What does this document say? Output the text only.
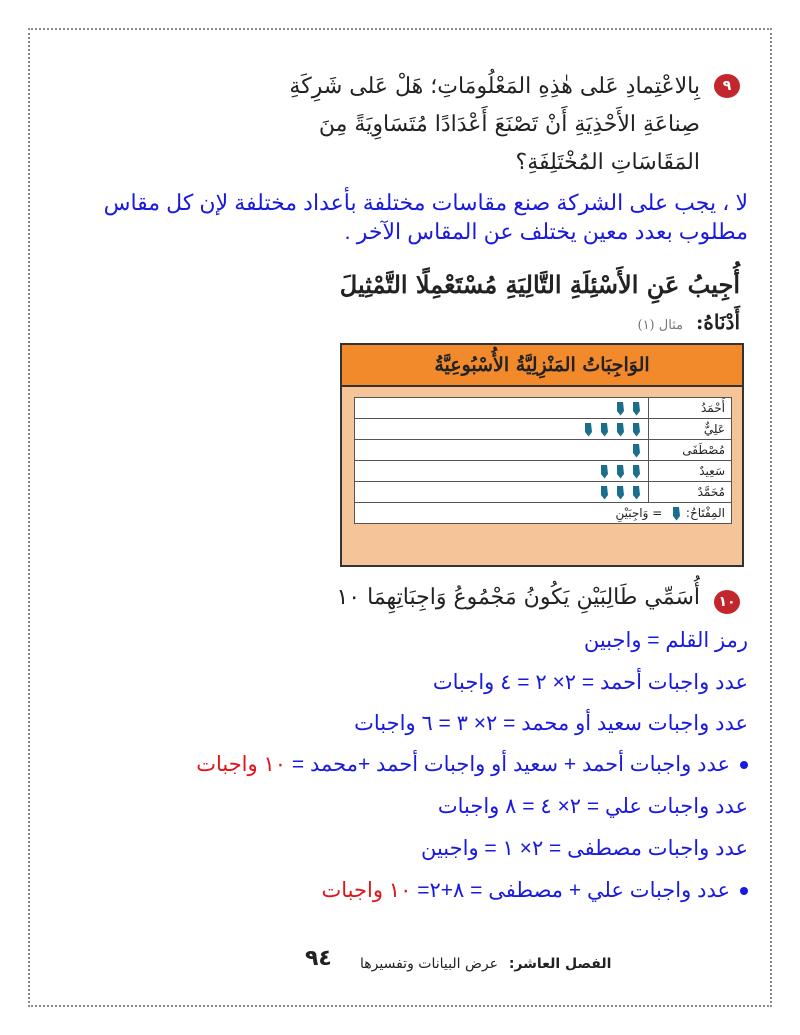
٩
بِالاعْتِمادِ عَلى هٰذِهِ المَعْلُومَاتِ؛ هَلْ عَلى شَرِكَةِ
صِناعَةِ الأَحْذِيَةِ أَنْ تَصْنَعَ أَعْدَادًا مُتَسَاوِيَةً مِنَ
المَقَاسَاتِ المُخْتَلِفَةِ؟
لا ، يجب على الشركة صنع مقاسات مختلفة بأعداد مختلفة لإن كل مقاس مطلوب بعدد معين يختلف عن المقاس الآخر .
أُجِيبُ عَنِ الأَسْئِلَةِ التَّالِيَةِ مُسْتَعْمِلًا التَّمْثِيلَ
أَدْنَاهُ: مثال (١)
الوَاجِبَاتُ المَنْزِلِيَّةُ الأُسْبُوعِيَّةُ
أَحْمَدُ	
عَلِيٌّ	
مُصْطَفَى	
سَعِيدٌ	
مُحَمَّدٌ	
المِفْتَاحُ:  = وَاجِبَيْنِ	
١٠
أُسَمِّي طَالِبَيْنِ يَكُونُ مَجْمُوعُ وَاجِبَاتِهِمَا ١٠
رمز القلم = واجبين
عدد واجبات أحمد = ٢× ٢ = ٤ واجبات
عدد واجبات سعيد أو محمد = ٢× ٣ = ٦ واجبات
عدد واجبات أحمد + سعيد أو واجبات أحمد +محمد = ١٠ واجبات
عدد واجبات علي = ٢× ٤ = ٨ واجبات
عدد واجبات مصطفى = ٢× ١ = واجبين
عدد واجبات علي + مصطفى = ٨+٢= ١٠ واجبات
٩٤	الفصل العاشر: عرض البيانات وتفسيرها
